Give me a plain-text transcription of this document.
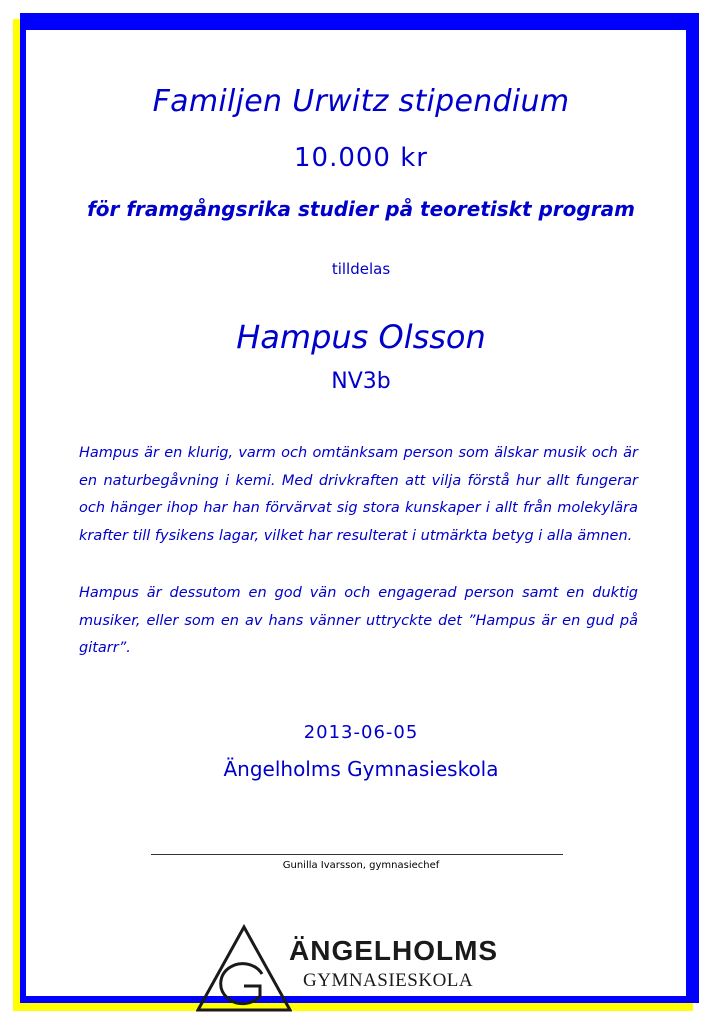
Familjen Urwitz stipendium
10.000 kr
för framgångsrika studier på teoretiskt program
tilldelas
Hampus Olsson
NV3b

Hampus är en klurig, varm och omtänksam person som älskar musik och är en naturbegåvning i kemi. Med drivkraften att vilja förstå hur allt fungerar och hänger ihop har han förvärvat sig stora kunskaper i allt från molekylära krafter till fysikens lagar, vilket har resulterat i utmärkta betyg i alla ämnen.

Hampus är dessutom en god vän och engagerad person samt en duktig musiker, eller som en av hans vänner uttryckte det ”Hampus är en gud på gitarr”.

2013-06-05
Ängelholms Gymnasieskola
Gunilla Ivarsson, gymnasiechef
ÄNGELHOLMS
GYMNASIESKOLA
